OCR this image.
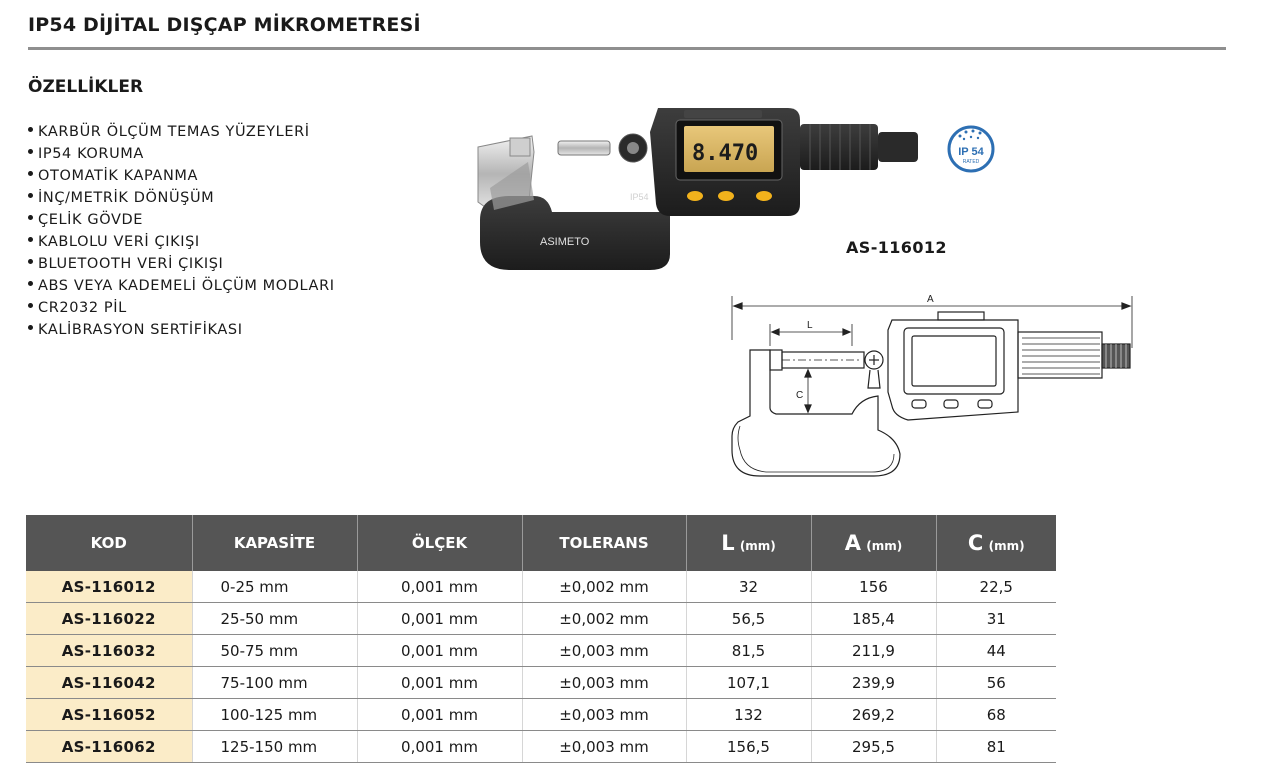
IP54 DİJİTAL DIŞÇAP MİKROMETRESİ
ÖZELLİKLER
KARBÜR ÖLÇÜM TEMAS YÜZEYLERİ
IP54 KORUMA
OTOMATİK KAPANMA
İNÇ/METRİK DÖNÜŞÜM
ÇELİK GÖVDE
KABLOLU VERİ ÇIKIŞI
BLUETOOTH VERİ ÇIKIŞI
ABS VEYA KADEMELİ ÖLÇÜM MODLARI
CR2032 PİL
KALİBRASYON SERTİFİKASI
ASIMETO
8.470
IP54
IP 54
RATED
AS-116012
A
L
C
KOD	KAPASİTE	ÖLÇEK	TOLERANS	L (mm)	A (mm)	C (mm)
AS-116012	0-25 mm	0,001 mm	±0,002 mm	32	156	22,5
AS-116022	25-50 mm	0,001 mm	±0,002 mm	56,5	185,4	31
AS-116032	50-75 mm	0,001 mm	±0,003 mm	81,5	211,9	44
AS-116042	75-100 mm	0,001 mm	±0,003 mm	107,1	239,9	56
AS-116052	100-125 mm	0,001 mm	±0,003 mm	132	269,2	68
AS-116062	125-150 mm	0,001 mm	±0,003 mm	156,5	295,5	81
